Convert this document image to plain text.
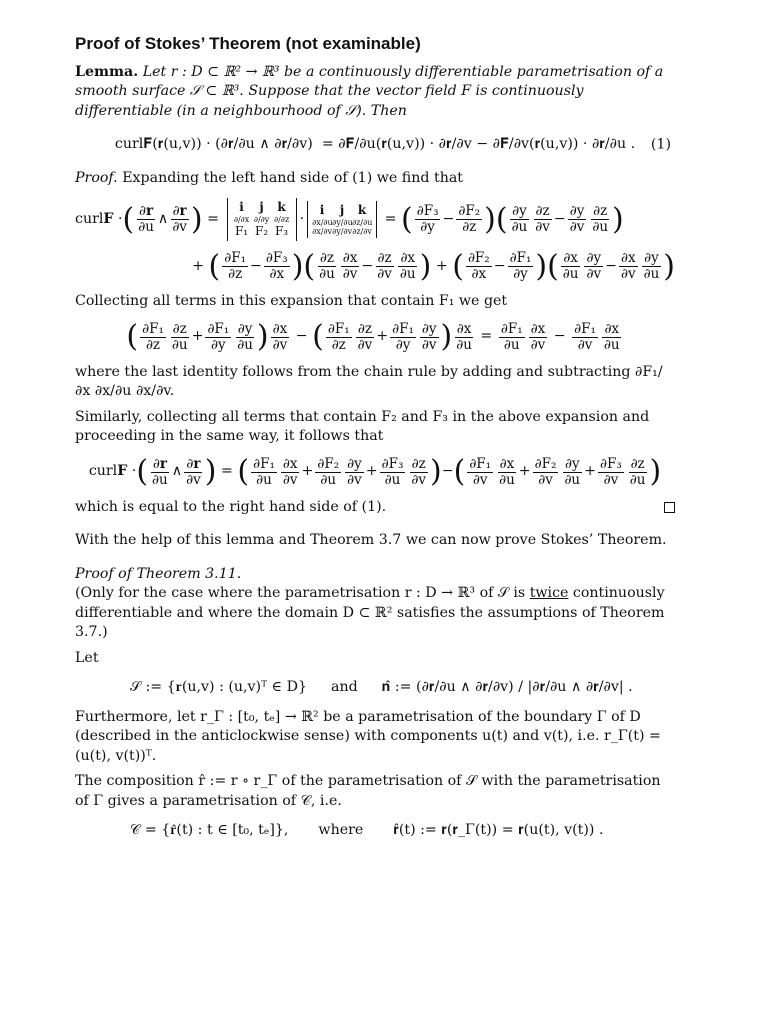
Proof of Stokes’ Theorem (not examinable)

Lemma. Let r : D ⊂ ℝ² → ℝ³ be a continuously differentiable parametrisation of a smooth surface 𝒮 ⊂ ℝ³. Suppose that the vector field F is continuously differentiable (in a neighbourhood of 𝒮). Then

curl𝐅(𝐫(u,v)) · (∂𝐫/∂u ∧ ∂𝐫/∂v)
= ∂𝐅/∂u(𝐫(u,v)) · ∂𝐫/∂v − ∂𝐅/∂v(𝐫(u,v)) · ∂𝐫/∂u . (1)

Proof. Expanding the left hand side of (1) we find that

curlF · ( $\frac{\partial r}{\partial u}$ ∧ $\frac{\partial r}{\partial v}$ ) =
i	j	k
∂/∂x ∂/∂y ∂/∂z
F₁ F₂ F₃
·
i	j	k
∂x/∂u ∂y/∂u ∂z/∂u
∂x/∂v ∂y/∂v ∂z/∂v
= ( $\frac{\text{∂F₃}}{\partial y} - \frac{\text{∂F₂}}{\partial z}$ )( $\frac{\partial y}{\partial u} \frac{\partial z}{\partial v} - \frac{\partial y}{\partial v} \frac{\partial z}{\partial u}$ )
+ ( $\frac{\text{∂F₁}}{\partial z} - \frac{\text{∂F₃}}{\partial x}$ )( $\frac{\partial z}{\partial u} \frac{\partial x}{\partial v} - \frac{\partial z}{\partial v} \frac{\partial x}{\partial u}$ ) + ( $\frac{\text{∂F₂}}{\partial x} - \frac{\text{∂F₁}}{\partial y}$ )( $\frac{\partial x}{\partial u} \frac{\partial y}{\partial v} - \frac{\partial x}{\partial v} \frac{\partial y}{\partial u}$ )

Collecting all terms in this expansion that contain F₁ we get

( $\frac{\text{∂F₁}}{\partial z} \frac{\partial z}{\partial u} + \frac{\text{∂F₁}}{\partial y} \frac{\partial y}{\partial u}$ ) $\frac{\partial x}{\partial v}$ − ( $\frac{\text{∂F₁}}{\partial z} \frac{\partial z}{\partial v} + \frac{\text{∂F₁}}{\partial y} \frac{\partial y}{\partial v}$ ) $\frac{\partial x}{\partial u} = \frac{\text{∂F₁}}{\partial u} \frac{\partial x}{\partial v} - \frac{\text{∂F₁}}{\partial v} \frac{\partial x}{\partial u}$

where the last identity follows from the chain rule by adding and subtracting ∂F₁/∂x ∂x/∂u ∂x/∂v.

Similarly, collecting all terms that contain F₂ and F₃ in the above expansion and proceeding in the same way, it follows that

curlF · ( $\frac{\partial r}{\partial u}$ ∧ $\frac{\partial r}{\partial v}$ ) = ( $\frac{\text{∂F₁}}{\partial u} \frac{\partial x}{\partial v} + \frac{\text{∂F₂}}{\partial u} \frac{\partial y}{\partial v} + \frac{\text{∂F₃}}{\partial u} \frac{\partial z}{\partial v}$ ) − ( $\frac{\text{∂F₁}}{\partial v} \frac{\partial x}{\partial u} + \frac{\text{∂F₂}}{\partial v} \frac{\partial y}{\partial u} + \frac{\text{∂F₃}}{\partial v} \frac{\partial z}{\partial u}$ )

which is equal to the right hand side of (1).

With the help of this lemma and Theorem 3.7 we can now prove Stokes’ Theorem.

Proof of Theorem 3.11.

(Only for the case where the parametrisation r : D → ℝ³ of 𝒮 is twice continuously differentiable and where the domain D ⊂ ℝ² satisfies the assumptions of Theorem 3.7.)

Let

𝒮 := {𝐫(u,v) : (u,v)ᵀ ∈ D} and 𝐧̂ := (∂𝐫/∂u ∧ ∂𝐫/∂v) / |∂𝐫/∂u ∧ ∂𝐫/∂v| .

Furthermore, let r_Γ : [t₀, tₑ] → ℝ² be a parametrisation of the boundary Γ of D (described in the anticlockwise sense) with components u(t) and v(t), i.e. r_Γ(t) = (u(t), v(t))ᵀ.

The composition r̂ := r ∘ r_Γ of the parametrisation of 𝒮 with the parametrisation of Γ gives a parametrisation of 𝒞, i.e.

𝒞 = {𝐫̂(t) : t ∈ [t₀, tₑ]}, where 𝐫̂(t) := 𝐫(𝐫_Γ(t)) = 𝐫(u(t), v(t)) .
